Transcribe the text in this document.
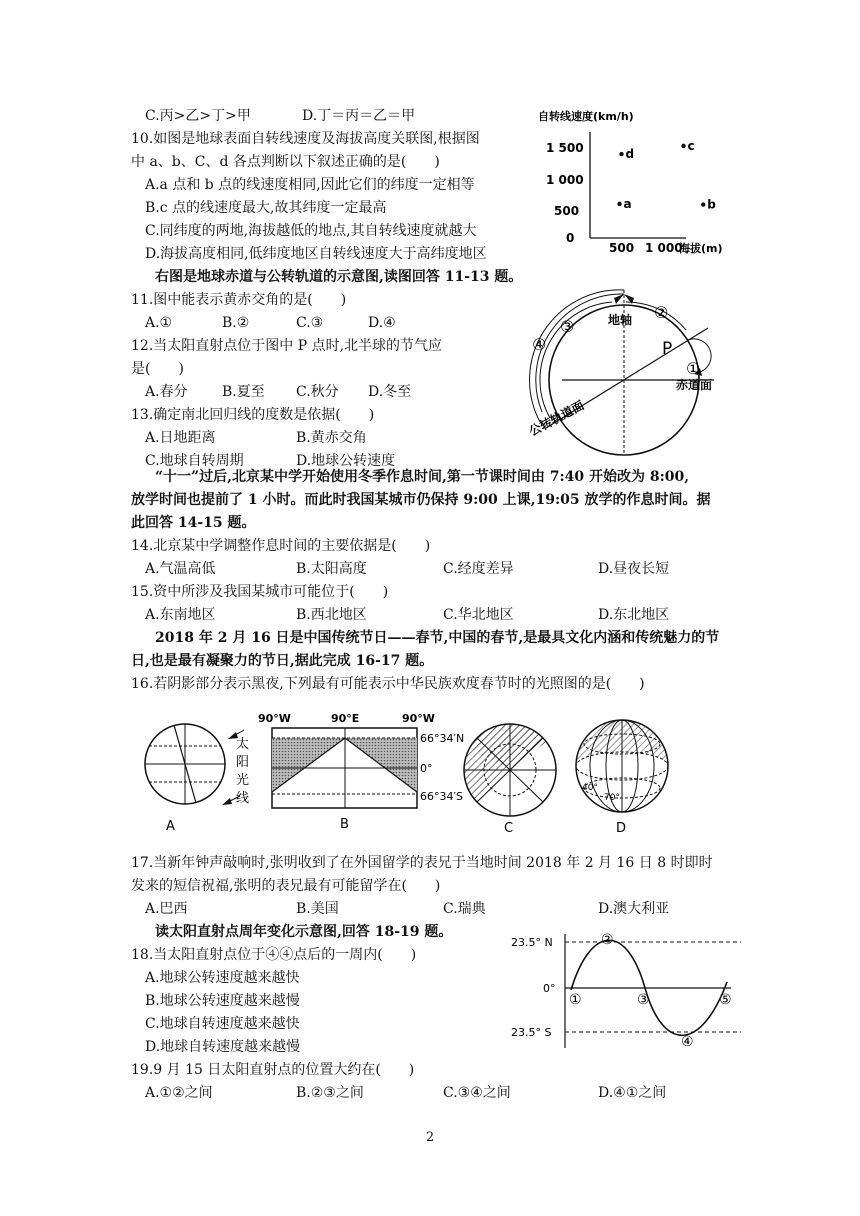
C.丙>乙>丁>甲	D.丁＝丙＝乙＝甲
10.如图是地球表面自转线速度及海拔高度关联图,根据图
中 a、b、C、d 各点判断以下叙述正确的是(　　)
A.a 点和 b 点的线速度相同,因此它们的纬度一定相等
B.c 点的线速度最大,故其纬度一定最高
C.同纬度的两地,海拔越低的地点,其自转线速度就越大
D.海拔高度相同,低纬度地区自转线速度大于高纬度地区
自转线速度(km/h)
1 500
1 000
500
0
500 1 000
海拔(m)
a	b
c
d
右图是地球赤道与公转轨道的示意图,读图回答 11-13 题。
11.图中能表示黄赤交角的是(　　)
A.①	B.②	C.③	D.④
12.当太阳直射点位于图中 P 点时,北半球的节气应
是(　　)
A.春分 B.夏至 C.秋分 D.冬至
13.确定南北回归线的度数是依据(　　)
A.日地距离	B.黄赤交角
C.地球自转周期	D.地球公转速度
地轴
P
赤道面
公转轨道面
①
②
③
④
“十一”过后,北京某中学开始使用冬季作息时间,第一节课时间由 7:40 开始改为 8:00,
放学时间也提前了 1 小时。而此时我国某城市仍保持 9:00 上课,19:05 放学的作息时间。据
此回答 14-15 题。
14.北京某中学调整作息时间的主要依据是(　　)
A.气温高低	B.太阳高度	C.经度差异	D.昼夜长短
15.资中所涉及我国某城市可能位于(　　)
A.东南地区	B.西北地区	C.华北地区	D.东北地区
2018 年 2 月 16 日是中国传统节日——春节,中国的春节,是最具文化内涵和传统魅力的节
日,也是最有凝聚力的节日,据此完成 16-17 题。
16.若阴影部分表示黑夜,下列最有可能表示中华民族欢度春节时的光照图的是(　　)
A
太
阳
光
线
90°W	90°E	90°W
66°34′N
0°
66°34′S
B	C
40°
70°
D
17.当新年钟声敲响时,张明收到了在外国留学的表兄于当地时间 2018 年 2 月 16 日 8 时即时
发来的短信祝福,张明的表兄最有可能留学在(　　)
A.巴西	B.美国	C.瑞典	D.澳大利亚
读太阳直射点周年变化示意图,回答 18-19 题。
18.当太阳直射点位于④④点后的一周内(　　)
A.地球公转速度越来越快
B.地球公转速度越来越慢
C.地球自转速度越来越快
D.地球自转速度越来越慢
23.5° N
0°
23.5° S
①
②
③
④
⑤
19.9 月 15 日太阳直射点的位置大约在(　　)
A.①②之间	B.②③之间	C.③④之间	D.④①之间
2
